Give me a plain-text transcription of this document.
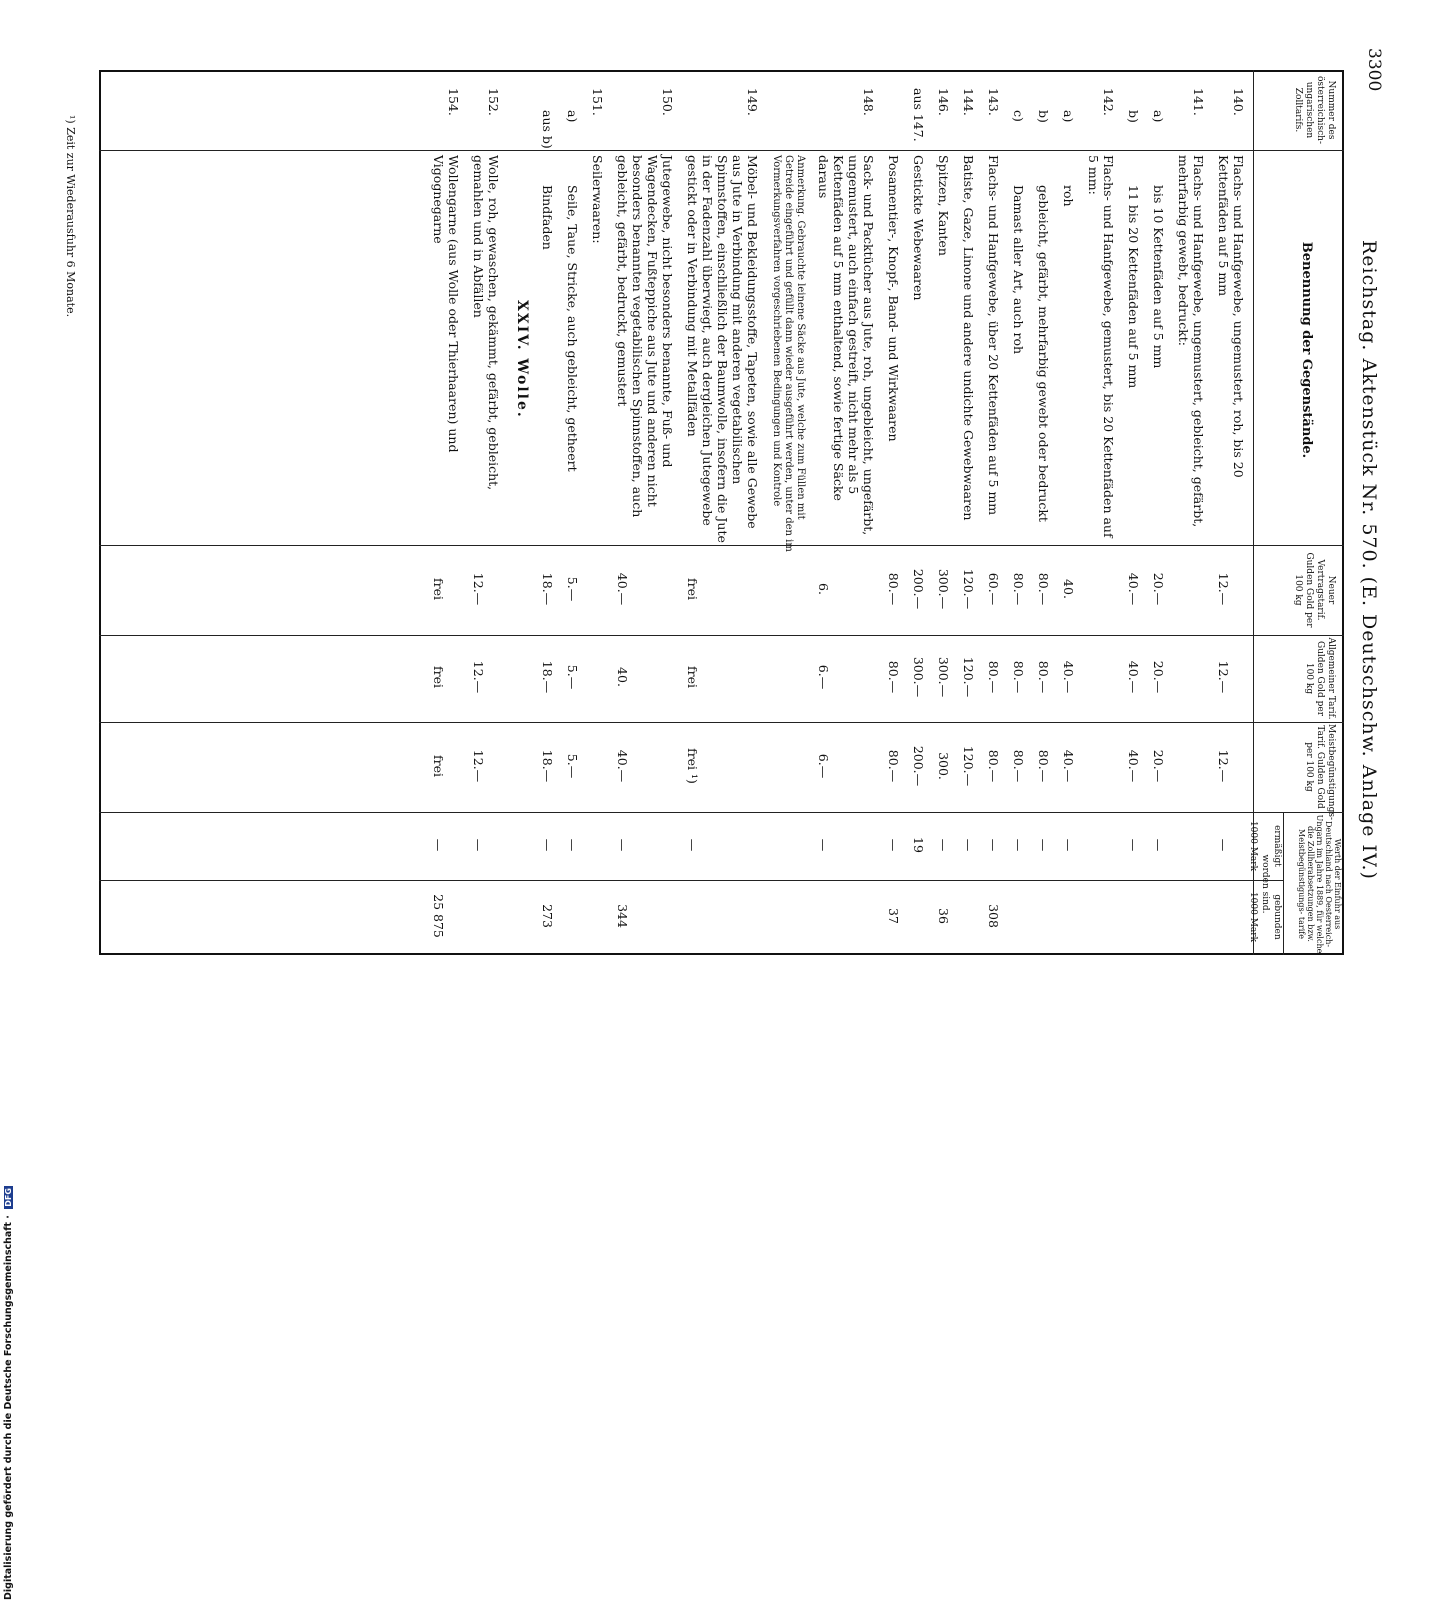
3300
Reichstag. Aktenstück Nr. 570. (E. Deutschschw. Anlage IV.)
Nummer des österreichisch-ungarischen Zolltarifs.
Benennung der Gegenstände.
Neuer Vertragstarif. Gulden Gold per 100 kg
Allgemeiner Tarif. Gulden Gold per 100 kg
Meistbegünstigungs-Tarif. Gulden Gold per 100 kg
Werth der Einfuhr aus Deutschland nach Oesterreich-Ungarn im Jahre 1889, für welche die Zollherabsetzungen bzw. Meistbegünstigungs- tarife
ermäßigt
gebunden
worden sind.
1000 Mark
1000 Mark
140.
Flachs- und Hanfgewebe, ungemustert, roh, bis 20 Kettenfäden auf 5 mm
12.—
12.—
12.—
—
141.
Flachs- und Hanfgewebe, ungemustert, gebleicht, gefärbt, mehrfarbig gewebt, bedruckt:
a)
bis 10 Kettenfäden auf 5 mm
20.—
20.—
20.—
—
b)
11 bis 20 Kettenfäden auf 5 mm
40.—
40.—
40.—
—
142.
Flachs- und Hanfgewebe, gemustert, bis 20 Kettenfäden auf 5 mm:
a)
roh
40.
40.—
40.—
—
b)
gebleicht, gefärbt, mehrfarbig gewebt oder bedruckt
80.—
80.—
80.—
—
c)
Damast aller Art, auch roh
80.—
80.—
80.—
—
143.
Flachs- und Hanfgewebe, über 20 Kettenfäden auf 5 mm
60.—
80.—
80.—
—
308
144.
Batiste, Gaze, Linone und andere undichte Gewebwaaren
120.—
120.—
120.—
—
146.
Spitzen, Kanten
300.—
300.—
300.
—
36
aus 147.
Gestickte Webewaaren
200.—
300.—
200.—
19
Posamentier-, Knopf-, Band- und Wirkwaaren
80.—
80.—
80.—
—
37
148.
Sack- und Packtücher aus Jute, roh, ungebleicht, ungefärbt, ungemustert, auch einfach gestreift, nicht mehr als 5 Kettenfäden auf 5 mm enthaltend, sowie fertige Säcke daraus
6.
6.—
6.—
—
Anmerkung. Gebrauchte leinene Säcke aus Jute, welche zum Füllen mit Getreide eingeführt und gefüllt dann wieder ausgeführt werden, unter den im Vormerkungsverfahren vorgeschriebenen Bedingungen und Kontrole
149.
Möbel- und Bekleidungsstoffe, Tapeten, sowie alle Gewebe aus Jute in Verbindung mit anderen vegetabilischen Spinnstoffen, einschließlich der Baumwolle, insofern die Jute in der Fadenzahl überwiegt, auch dergleichen Jutegewebe gestickt oder in Verbindung mit Metallfäden
frei
frei
frei ¹)
—
150.
Jutegewebe, nicht besonders benannte, Fuß- und Wagendecken, Fußteppiche aus Jute und anderen nicht besonders benannten vegetabilischen Spinnstoffen, auch gebleicht, gefärbt, bedruckt, gemustert
40.—
40.
40.—
—
344
151.
Seilerwaaren:
a)
Seile, Taue, Stricke, auch gebleicht, getheert
5.—
5.—
5.—
—
aus b)
Bindfaden
18.—
18.—
18.—
—
273
XXIV. Wolle.
152.
Wolle, roh, gewaschen, gekämmt, gefärbt, gebleicht, gemahlen und in Abfällen
12.—
12.—
12.—
—
154.
Wollengarne (aus Wolle oder Thierhaaren) und Vigognegarne
frei
frei
frei
—
25 875
¹) Zeit zur Wiederausfuhr 6 Monate.
Digitalisierung gefördert durch die Deutsche Forschungsgemeinschaft · DFG
